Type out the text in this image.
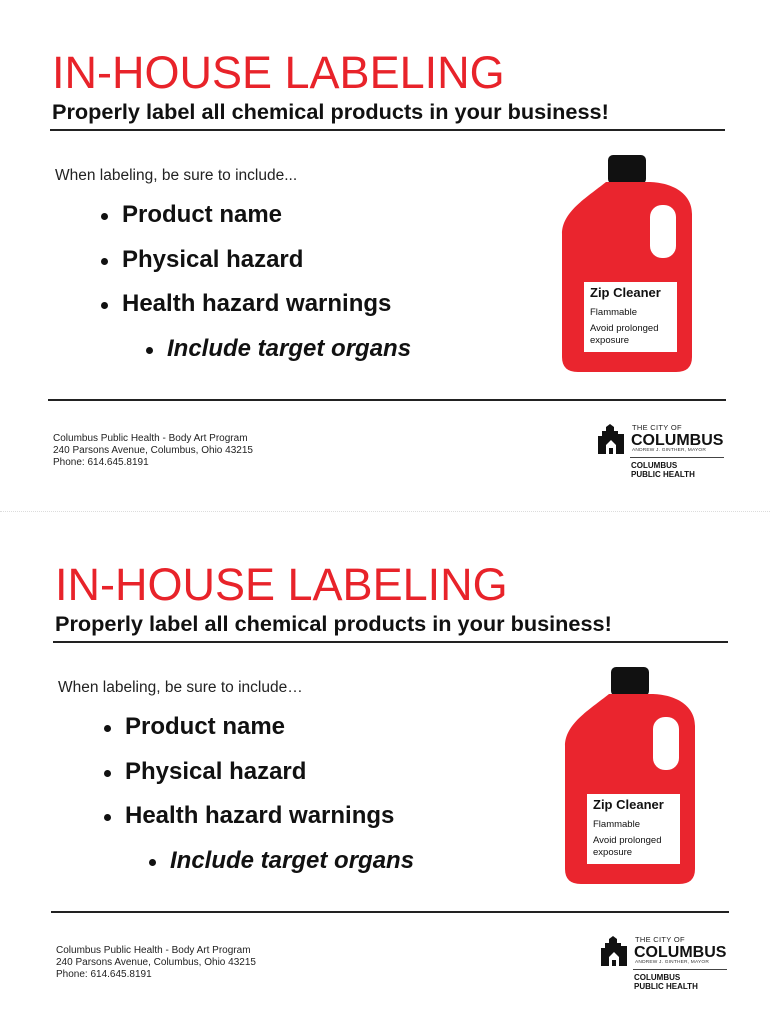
IN-HOUSE LABELING
Properly label all chemical products in your business!
When labeling, be sure to include...
Product name
Physical hazard
Health hazard warnings
Include target organs
Zip Cleaner
Flammable
Avoid prolonged exposure
Columbus Public Health - Body Art Program
240 Parsons Avenue, Columbus, Ohio 43215
Phone: 614.645.8191
THE CITY OF
COLUMBUS
ANDREW J. GINTHER, MAYOR
COLUMBUS
PUBLIC HEALTH
IN-HOUSE LABELING
Properly label all chemical products in your business!
When labeling, be sure to include…
Product name
Physical hazard
Health hazard warnings
Include target organs
Zip Cleaner
Flammable
Avoid prolonged exposure
Columbus Public Health - Body Art Program
240 Parsons Avenue, Columbus, Ohio 43215
Phone: 614.645.8191
THE CITY OF
COLUMBUS
ANDREW J. GINTHER, MAYOR
COLUMBUS
PUBLIC HEALTH
